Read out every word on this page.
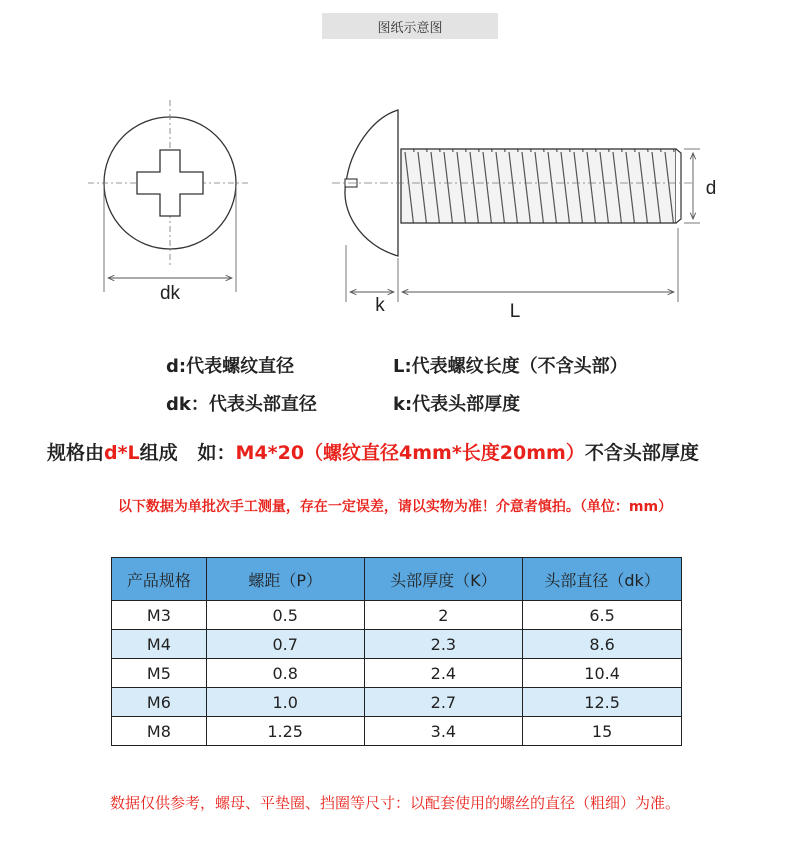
图纸示意图
dk
k	L
d
d:代表螺纹直径	L:代表螺纹长度（不含头部）
dk：代表头部直径	k:代表头部厚度
规格由d*L组成   如：M4*20（螺纹直径4mm*长度20mm）不含头部厚度
以下数据为单批次手工测量，存在一定误差，请以实物为准！介意者慎拍。（单位：mm）
产品规格	螺距（P）	头部厚度（K）	头部直径（dk）
M3	0.5	2	6.5
M4	0.7	2.3	8.6
M5	0.8	2.4	10.4
M6	1.0	2.7	12.5
M8	1.25	3.4	15
数据仅供参考，螺母、平垫圈、挡圈等尺寸：以配套使用的螺丝的直径（粗细）为准。
